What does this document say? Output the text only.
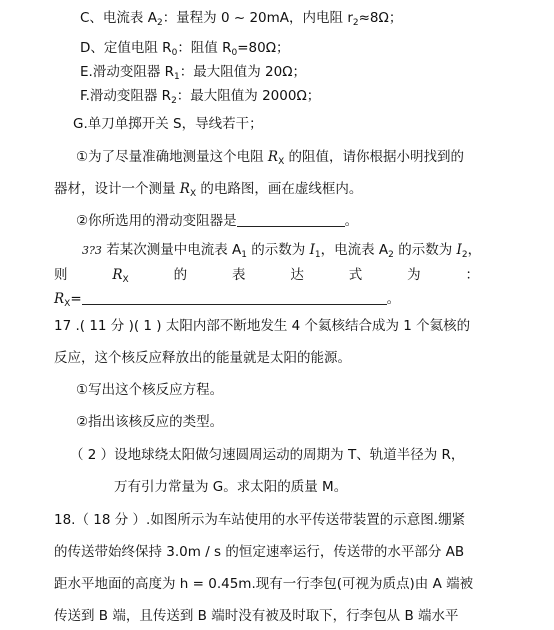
C、电流表 $A_2$：量程为 0 ~ 20mA，内电阻 $r_2\approx 8\Omega$；
D、定值电阻 $R_0$：阻值 $R_0=80\Omega$；
E.滑动变阻器 $R_1$：最大阻值为 20Ω；
F.滑动变阻器 $R_2$：最大阻值为 2000Ω；
G.单刀单掷开关 S，导线若干；
①为了尽量准确地测量这个电阻 $R_X$ 的阻值，请你根据小明找到的
器材，设计一个测量 $R_X$ 的电路图，画在虚线框内。
②你所选用的滑动变阻器是	。
3?3 若某次测量中电流表 $A_1$ 的示数为 $I_1$，电流表 $A_2$ 的示数为 $I_2$，
则	$R_X$	的	表	达	式	为	：
$R_X=$	。
17 .( 11 分 )( 1 ) 太阳内部不断地发生 4 个氦核结合成为 1 个氦核的
反应，这个核反应释放出的能量就是太阳的能源。
①写出这个核反应方程。
②指出该核反应的类型。
（ 2 ）设地球绕太阳做匀速圆周运动的周期为 T、轨道半径为 R，
万有引力常量为 G。求太阳的质量 M。
18.（ 18 分 ）.如图所示为车站使用的水平传送带装置的示意图.绷紧
的传送带始终保持 3.0m / s 的恒定速率运行，传送带的水平部分 AB
距水平地面的高度为 h = 0.45m.现有一行李包(可视为质点)由 A 端被
传送到 B 端，且传送到 B 端时没有被及时取下，行李包从 B 端水平
